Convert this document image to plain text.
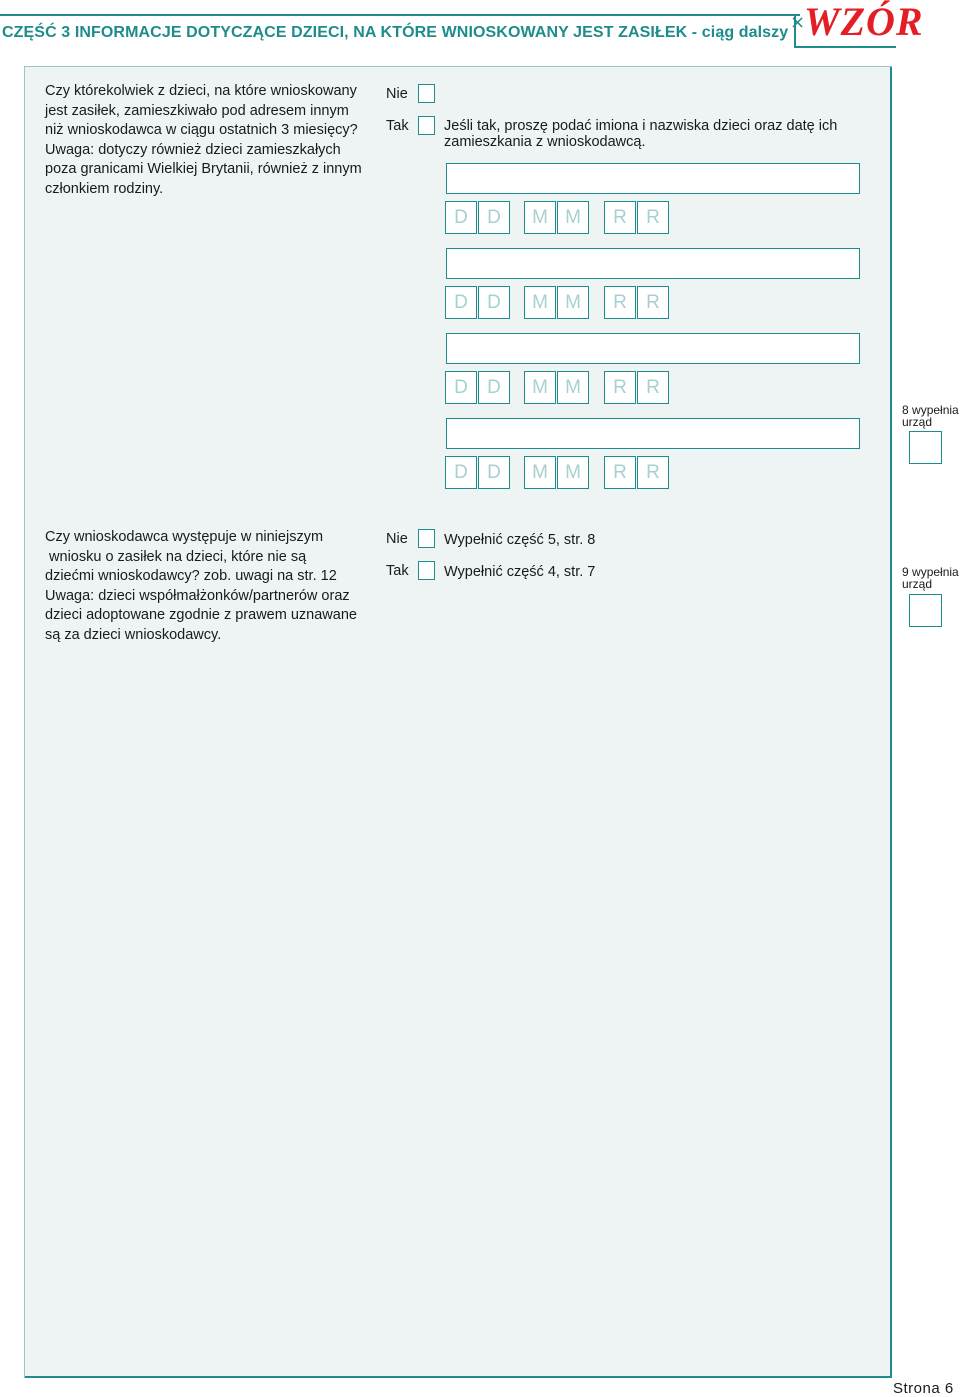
CZĘŚĆ 3 INFORMACJE DOTYCZĄCE DZIECI, NA KTÓRE WNIOSKOWANY JEST ZASIŁEK - ciąg dalszy ×
WZÓR
Czy którekolwiek z dzieci, na które wnioskowany
jest zasiłek, zamieszkiwało pod adresem innym
niż wnioskodawca w ciągu ostatnich 3 miesięcy?
Uwaga: dotyczy również dzieci zamieszkałych
poza granicami Wielkiej Brytanii, również z innym
członkiem rodziny.
Nie
Tak Jeśli tak, proszę podać imiona i nazwiska dzieci oraz datę ich
zamieszkania z wnioskodawcą.
D	D	M M	R	R
D	D	M M	R	R
D	D	M M	R	R
D	D	M M	R	R
8 wypełnia
urząd
Czy wnioskodawca występuje w niniejszym
wniosku o zasiłek na dzieci, które nie są
dziećmi wnioskodawcy? zob. uwagi na str. 12
Uwaga: dzieci współmałżonków/partnerów oraz
dzieci adoptowane zgodnie z prawem uznawane
są za dzieci wnioskodawcy.
Nie Wypełnić część 5, str. 8
Tak Wypełnić część 4, str. 7	9 wypełnia
urząd
Strona 6
